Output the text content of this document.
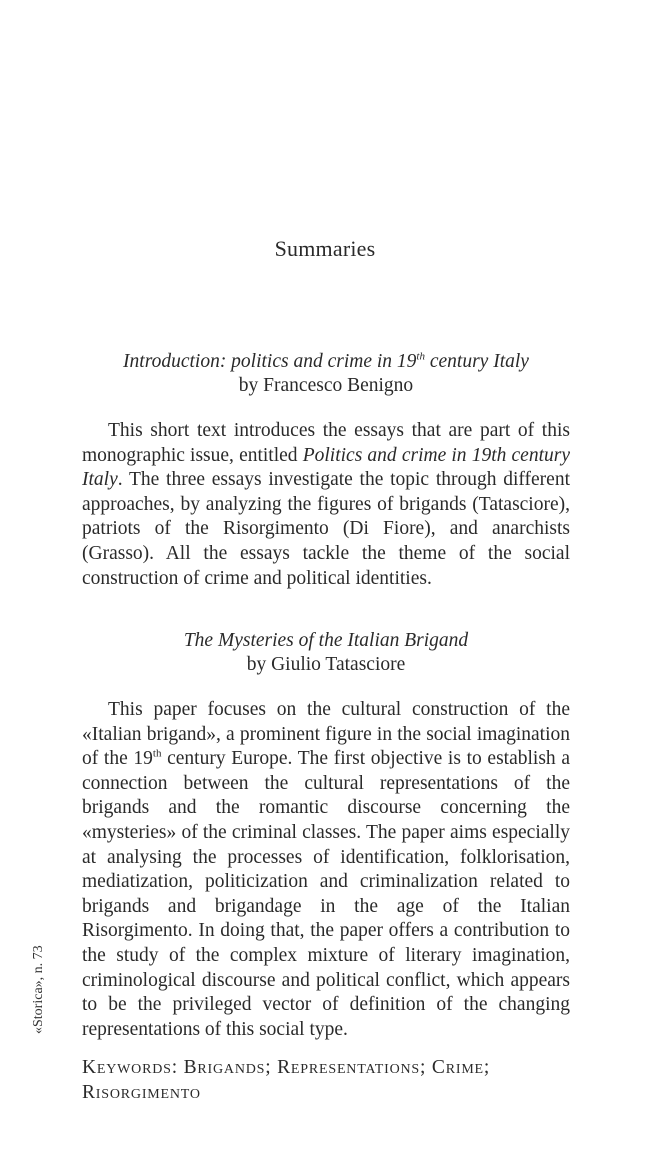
Summaries
Introduction: politics and crime in 19th century Italy
by Francesco Benigno

This short text introduces the essays that are part of this monographic issue, entitled Politics and crime in 19th century Italy. The three essays investigate the topic through different approaches, by analyzing the figures of brigands (Tatasciore), patriots of the Risorgimento (Di Fiore), and anarchists (Grasso). All the essays tackle the theme of the social construction of crime and political identities.

The Mysteries of the Italian Brigand
by Giulio Tatasciore

This paper focuses on the cultural construction of the «Italian brigand», a prominent figure in the social imagination of the 19th century Europe. The first objective is to establish a connection between the cultural representations of the brigands and the romantic discourse concerning the «mysteries» of the criminal classes. The paper aims especially at analysing the processes of identification, folklorisation, mediatization, politicization and criminalization related to brigands and brigandage in the age of the Italian Risorgimento. In doing that, the paper offers a contribution to the study of the complex mixture of literary imagination, criminological discourse and political conflict, which appears to be the privileged vector of definition of the changing representations of this social type.

Keywords: Brigands; Representations; Crime; Risorgimento

«Storica», n. 73
